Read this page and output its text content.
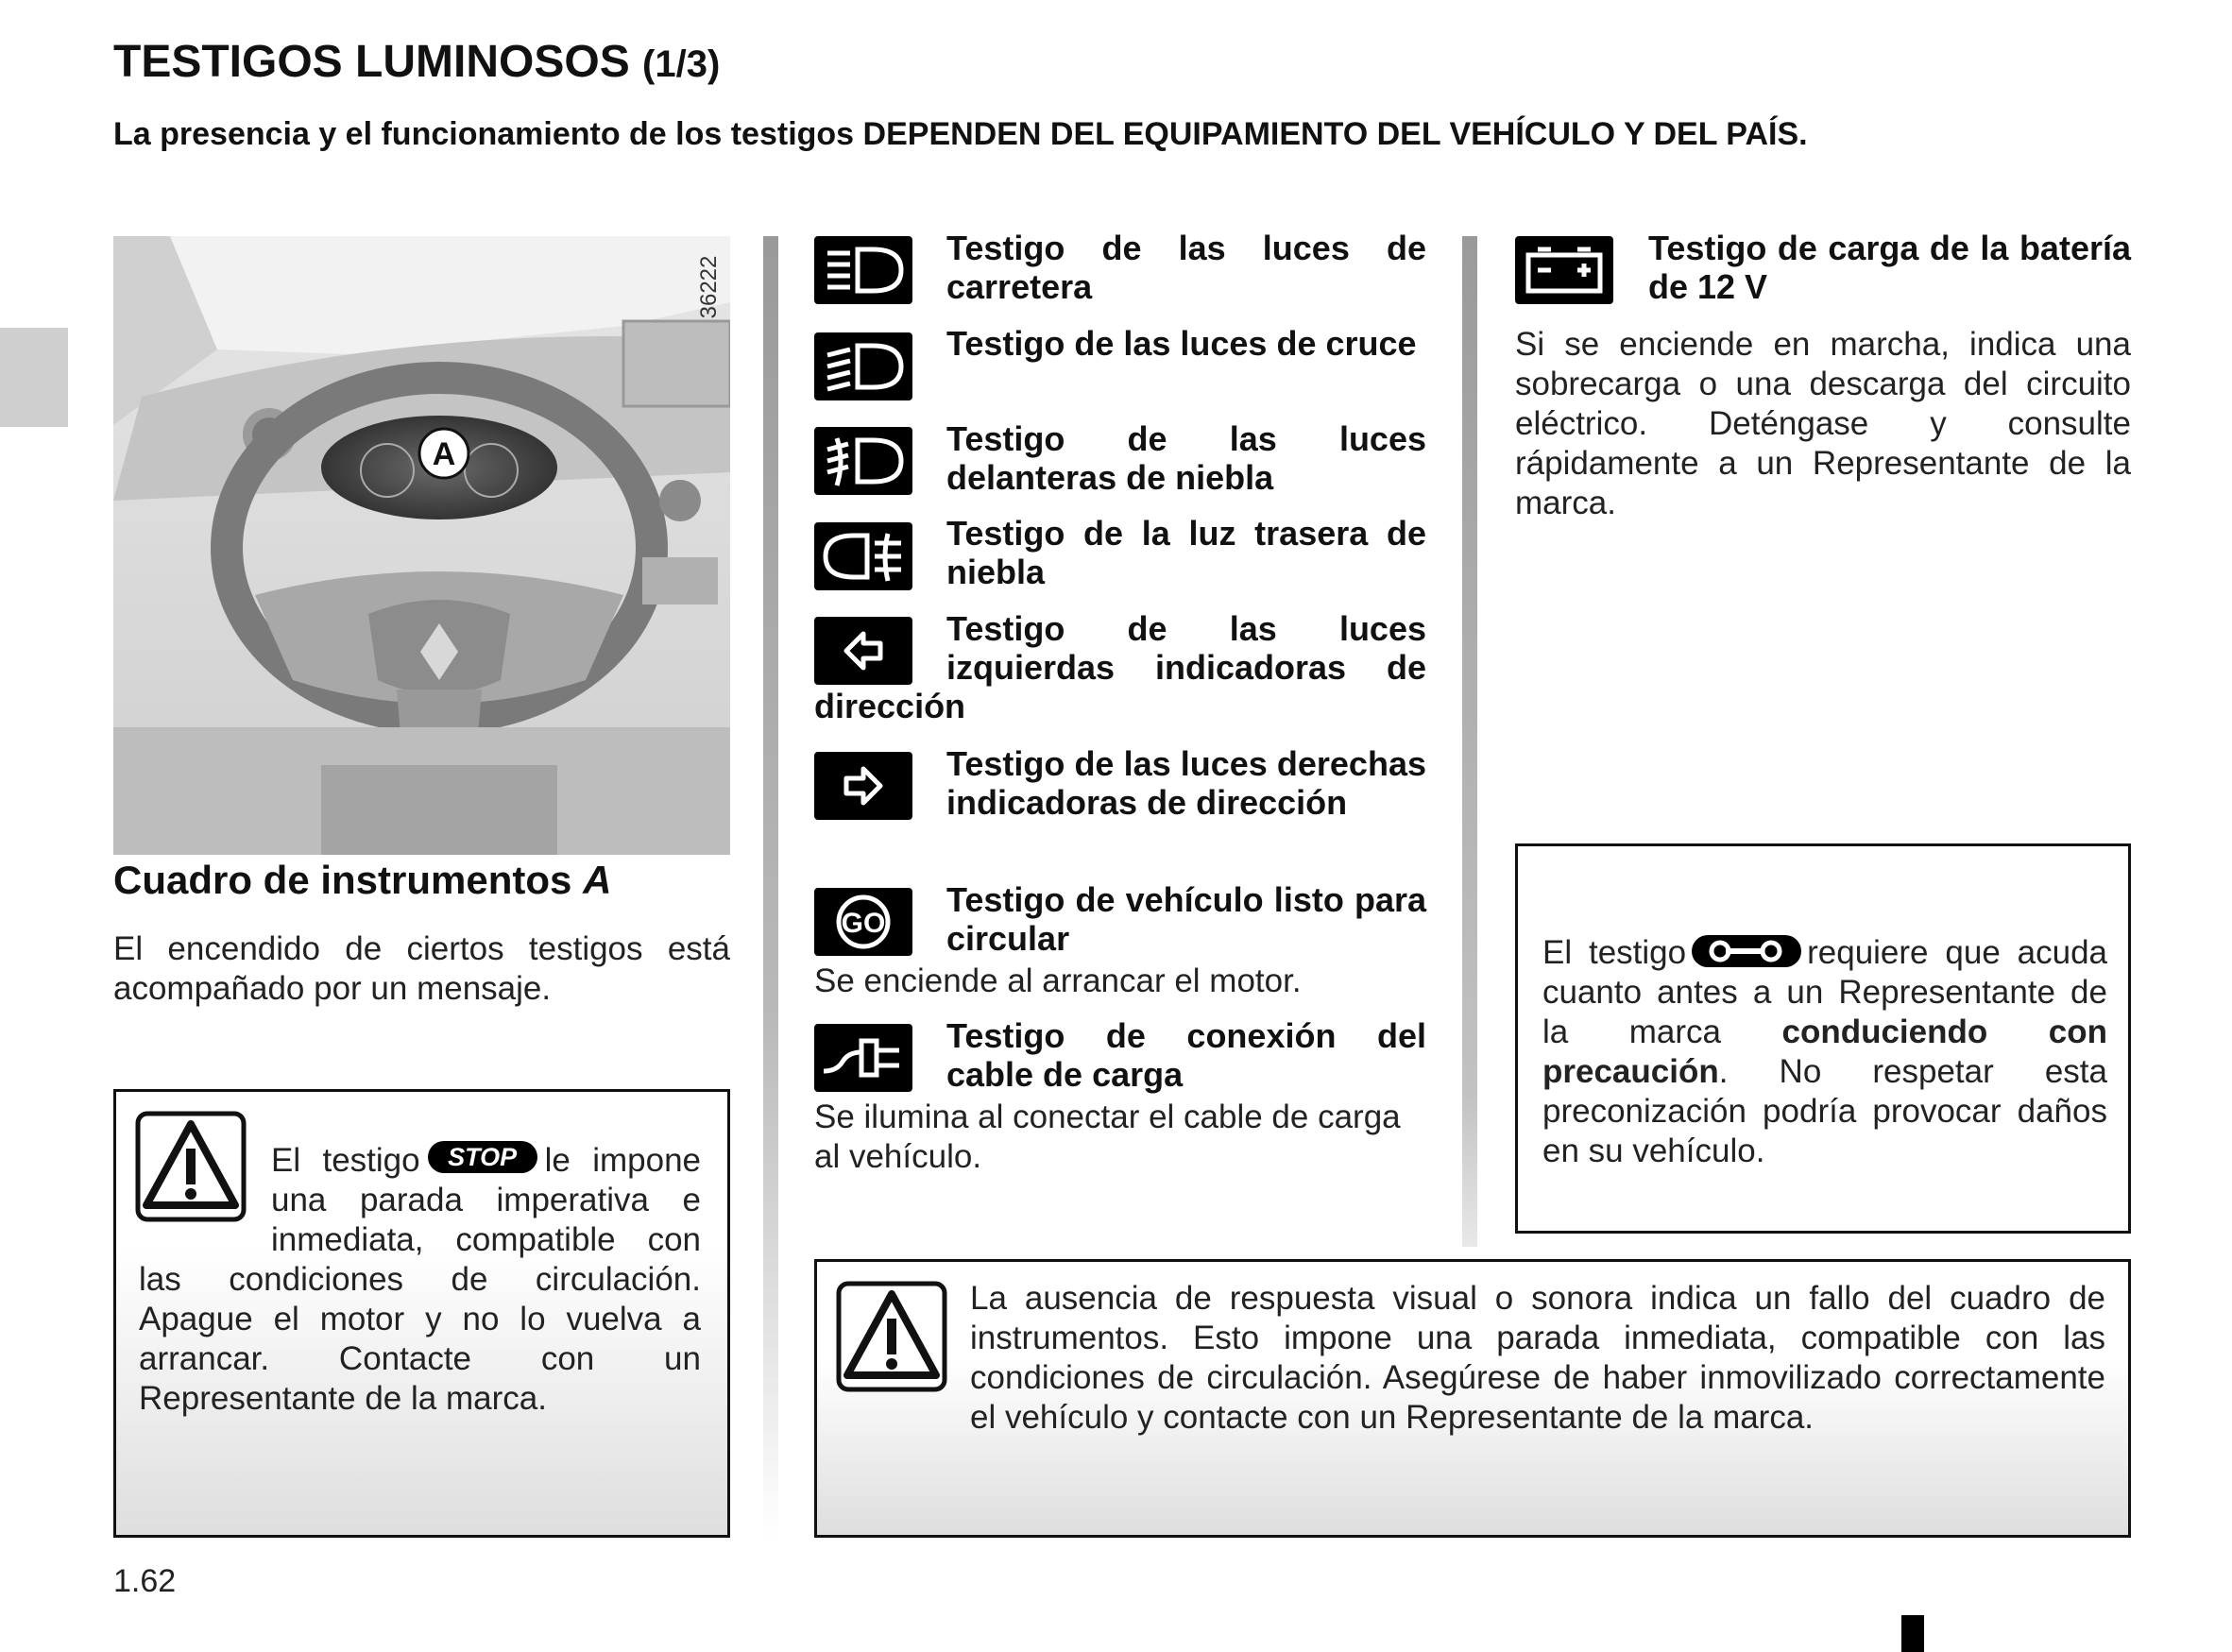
TESTIGOS LUMINOSOS (1/3)

La presencia y el funcionamiento de los testigos DEPENDEN DEL EQUIPAMIENTO DEL VEHÍCULO Y DEL PAÍS.

A
36222
Cuadro de instrumentos A
El encendido de ciertos testigos está acompañado por un mensaje.
El testigo STOP le impone una parada imperativa e inmediata, compatible con las condiciones de circulación. Apague el motor y no lo vuelva a arrancar. Contacte con un Representante de la marca.
Testigo de las luces de carretera
Testigo de las luces de cruce
Testigo de las luces delanteras de niebla
Testigo de la luz trasera de niebla
Testigo de las luces izquierdas indicadoras de dirección
Testigo de las luces derechas indicadoras de dirección
GO
Testigo de vehículo listo para circular
Se enciende al arrancar el motor.
Testigo de conexión del cable de carga
Se ilumina al conectar el cable de carga al vehículo.
Testigo de carga de la batería de 12 V
Si se enciende en marcha, indica una sobrecarga o una descarga del circuito eléctrico. Deténgase y consulte rápidamente a un Representante de la marca.
El testigo	requiere que acuda cuanto antes a un Representante de la marca conduciendo con precaución. No respetar esta preconización podría provocar daños en su vehículo.
La ausencia de respuesta visual o sonora indica un fallo del cuadro de instrumentos. Esto impone una parada inmediata, compatible con las condiciones de circulación. Asegúrese de haber inmovilizado correctamente el vehículo y contacte con un Representante de la marca.
1.62
